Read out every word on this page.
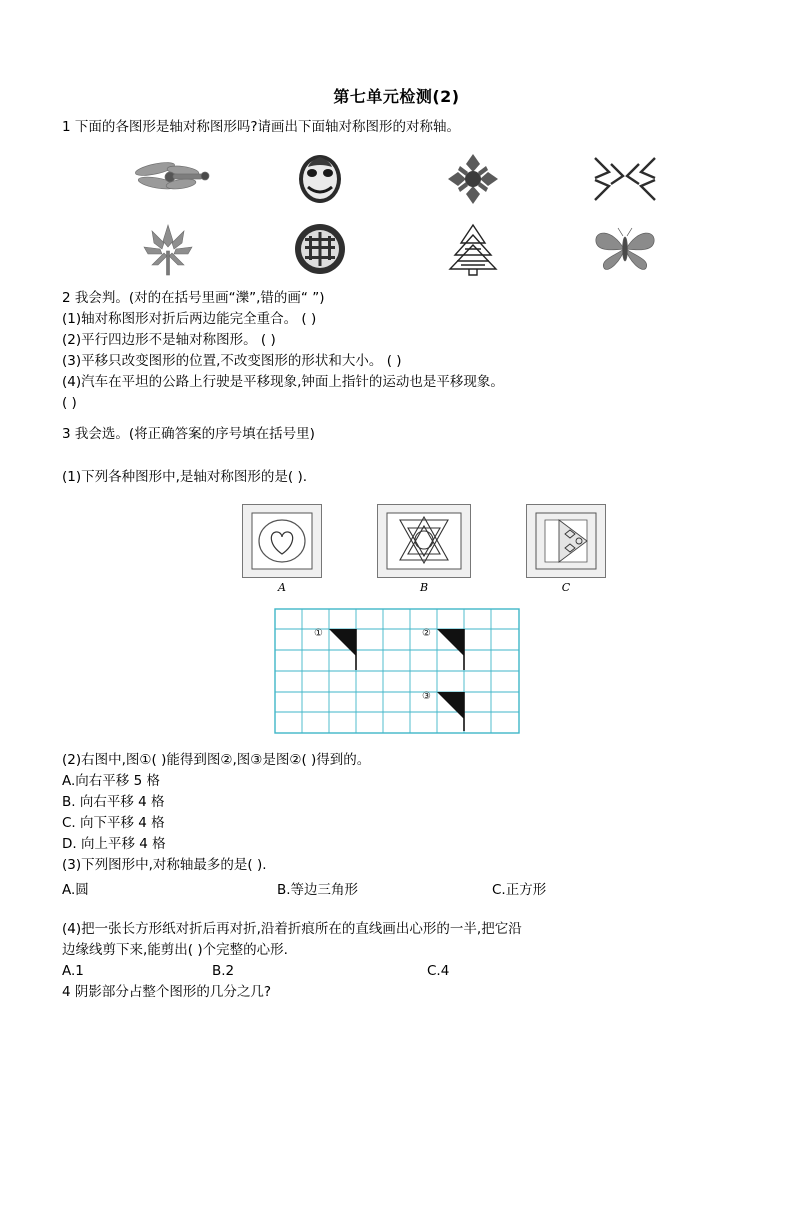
第七单元检测(2)
1 下面的各图形是轴对称图形吗?请画出下面轴对称图形的对称轴。
2 我会判。(对的在括号里画“濼”,错的画“ ”)
(1)轴对称图形对折后两边能完全重合。 ( )
(2)平行四边形不是轴对称图形。 ( )
(3)平移只改变图形的位置,不改变图形的形状和大小。 ( )
(4)汽车在平坦的公路上行驶是平移现象,钟面上指针的运动也是平移现象。
( )
3 我会选。(将正确答案的序号填在括号里)
(1)下列各种图形中,是轴对称图形的是( ).
A	B	C
①	②
③
(2)右图中,图①( )能得到图②,图③是图②( )得到的。
A.向右平移 5 格
B. 向右平移 4 格
C. 向下平移 4 格
D. 向上平移 4 格
(3)下列图形中,对称轴最多的是( ).
A.圆	B.等边三角形	C.正方形
(4)把一张长方形纸对折后再对折,沿着折痕所在的直线画出心形的一半,把它沿
边缘线剪下来,能剪出( )个完整的心形.
A.1	B.2	C.4
4 阴影部分占整个图形的几分之几?
